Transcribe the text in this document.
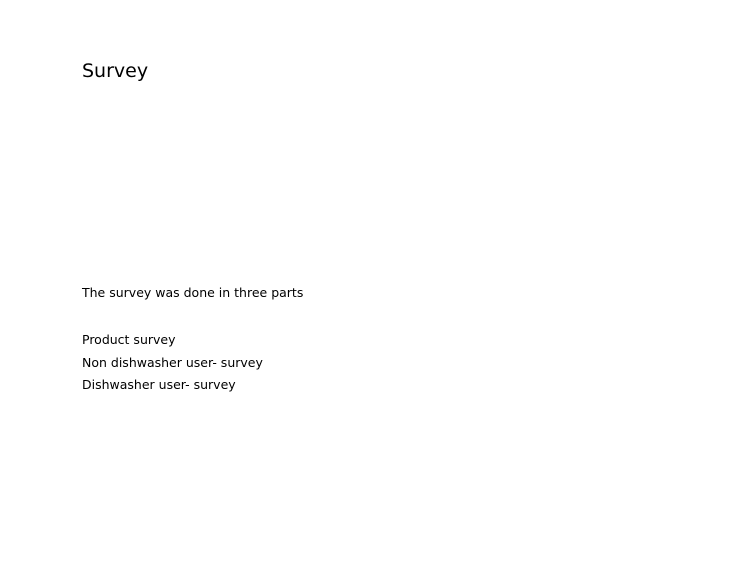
Survey

The survey was done in three parts

Product survey
Non dishwasher user- survey
Dishwasher user- survey
